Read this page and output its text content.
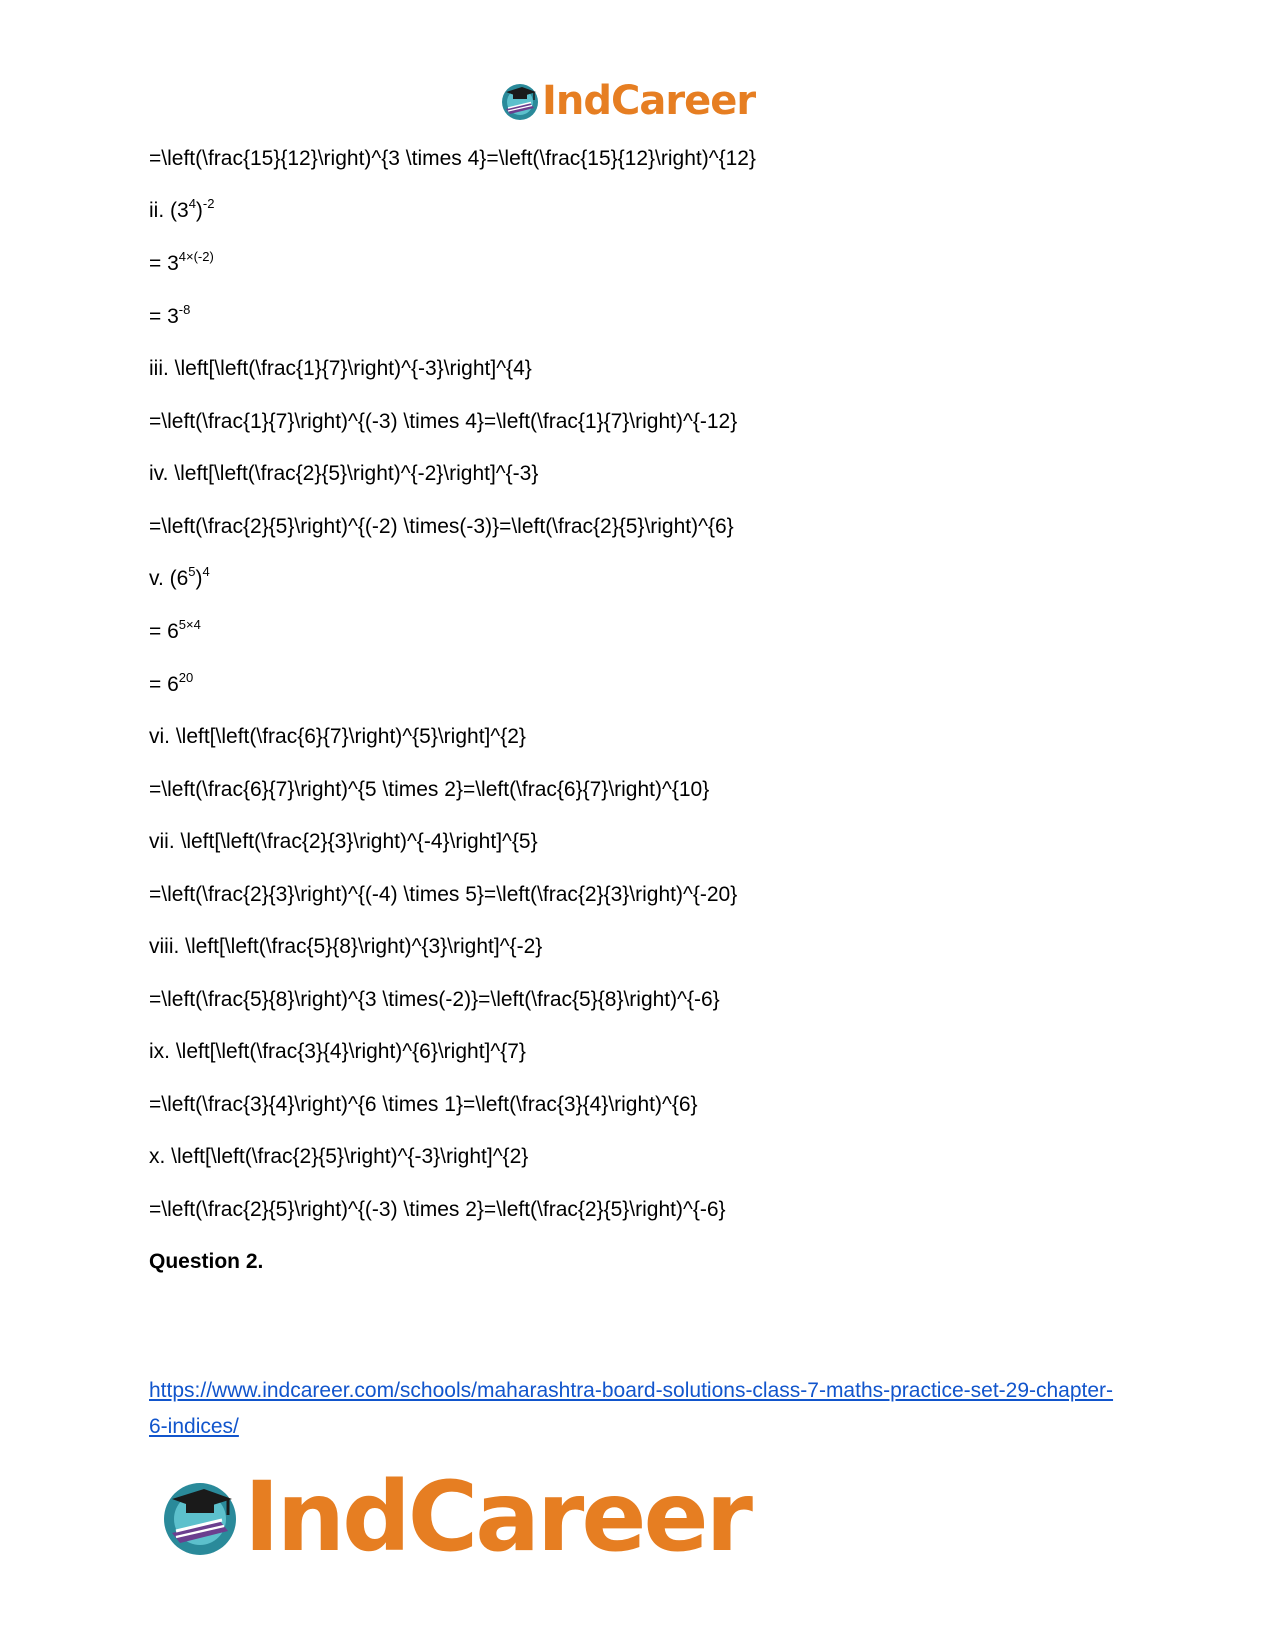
IndCareer
=\left(\frac{15}{12}\right)^{3 \times 4}=\left(\frac{15}{12}\right)^{12}
ii. $(3^4)^{-2}$
= $3^{4\times(-2)}$
= $3^{-8}$
iii. \left[\left(\frac{1}{7}\right)^{-3}\right]^{4}
=\left(\frac{1}{7}\right)^{(-3) \times 4}=\left(\frac{1}{7}\right)^{-12}
iv. \left[\left(\frac{2}{5}\right)^{-2}\right]^{-3}
=\left(\frac{2}{5}\right)^{(-2) \times(-3)}=\left(\frac{2}{5}\right)^{6}
v. $(6^5)^4$
= $6^{5\times 4}$
= $6^{20}$
vi. \left[\left(\frac{6}{7}\right)^{5}\right]^{2}
=\left(\frac{6}{7}\right)^{5 \times 2}=\left(\frac{6}{7}\right)^{10}
vii. \left[\left(\frac{2}{3}\right)^{-4}\right]^{5}
=\left(\frac{2}{3}\right)^{(-4) \times 5}=\left(\frac{2}{3}\right)^{-20}
viii. \left[\left(\frac{5}{8}\right)^{3}\right]^{-2}
=\left(\frac{5}{8}\right)^{3 \times(-2)}=\left(\frac{5}{8}\right)^{-6}
ix. \left[\left(\frac{3}{4}\right)^{6}\right]^{7}
=\left(\frac{3}{4}\right)^{6 \times 1}=\left(\frac{3}{4}\right)^{6}
x. \left[\left(\frac{2}{5}\right)^{-3}\right]^{2}
=\left(\frac{2}{5}\right)^{(-3) \times 2}=\left(\frac{2}{5}\right)^{-6}
Question 2.
https://www.indcareer.com/schools/maharashtra-board-solutions-class-7-maths-practice-set-29-chapter-6-indices/
IndCareer
